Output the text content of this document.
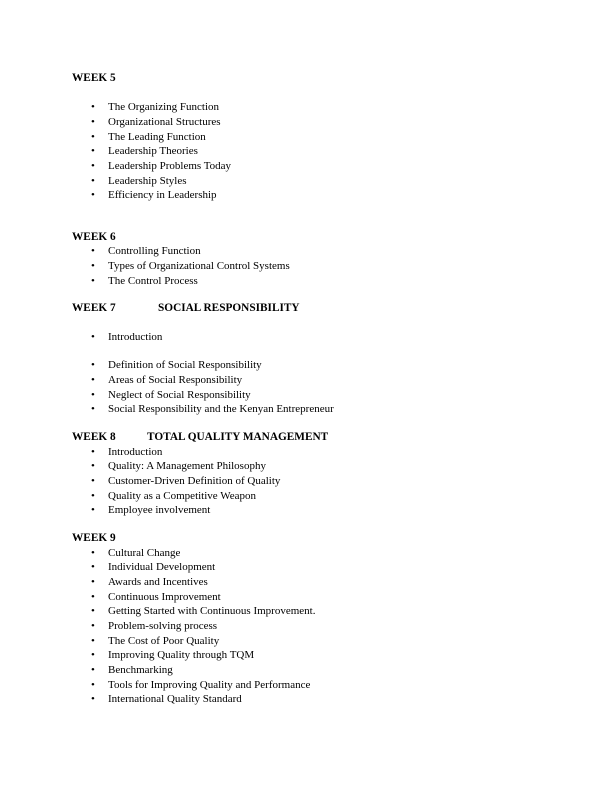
WEEK 5
• The Organizing Function
• Organizational Structures
• The Leading Function
• Leadership Theories
• Leadership Problems Today
• Leadership Styles
• Efficiency in Leadership
WEEK 6
• Controlling Function
• Types of Organizational Control Systems
• The Control Process
WEEK 7	SOCIAL RESPONSIBILITY
• Introduction
• Definition of Social Responsibility
• Areas of Social Responsibility
• Neglect of Social Responsibility
• Social Responsibility and the Kenyan Entrepreneur
WEEK 8	TOTAL QUALITY MANAGEMENT
• Introduction
• Quality: A Management Philosophy
• Customer-Driven Definition of Quality
• Quality as a Competitive Weapon
• Employee involvement
WEEK 9
• Cultural Change
• Individual Development
• Awards and Incentives
• Continuous Improvement
• Getting Started with Continuous Improvement.
• Problem-solving process
• The Cost of Poor Quality
• Improving Quality through TQM
• Benchmarking
• Tools for Improving Quality and Performance
• International Quality Standard
